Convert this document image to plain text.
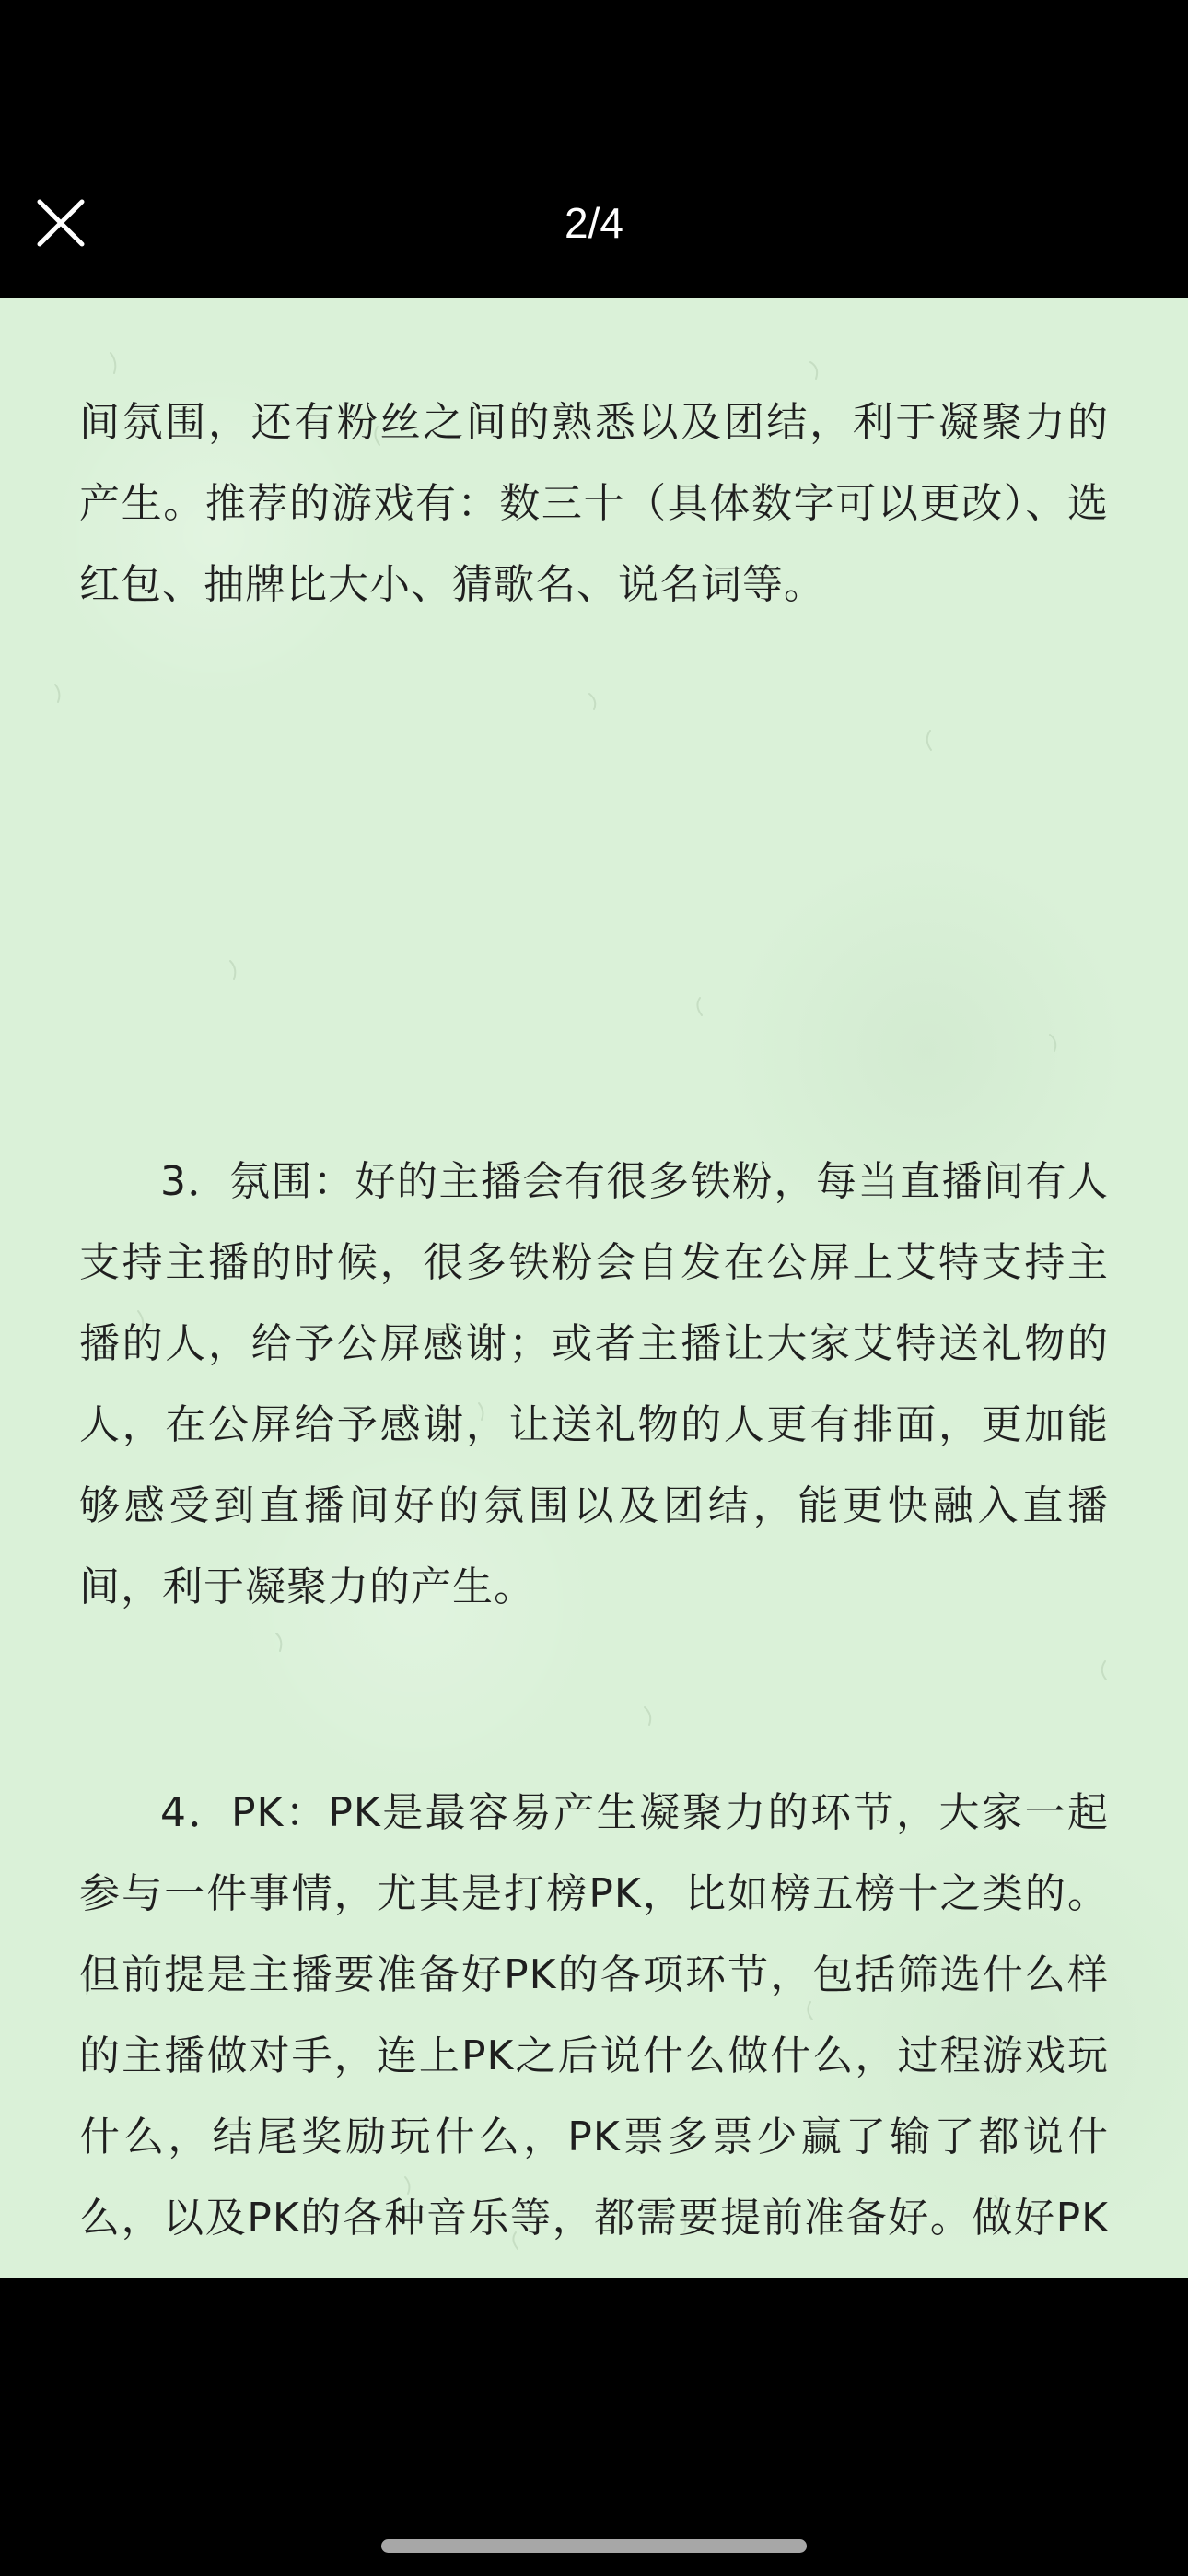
2/4

间氛围，还有粉丝之间的熟悉以及团结，利于凝聚力的产生。推荐的游戏有：数三十（具体数字可以更改）、选红包、抽牌比大小、猜歌名、说名词等。

3．氛围：好的主播会有很多铁粉，每当直播间有人支持主播的时候，很多铁粉会自发在公屏上艾特支持主播的人，给予公屏感谢；或者主播让大家艾特送礼物的人，在公屏给予感谢，让送礼物的人更有排面，更加能够感受到直播间好的氛围以及团结，能更快融入直播间，利于凝聚力的产生。

4．PK：PK是最容易产生凝聚力的环节，大家一起参与一件事情，尤其是打榜PK，比如榜五榜十之类的。但前提是主播要准备好PK的各项环节，包括筛选什么样的主播做对手，连上PK之后说什么做什么，过程游戏玩什么，结尾奖励玩什么，PK票多票少赢了输了都说什么，以及PK的各种音乐等，都需要提前准备好。做好PK
